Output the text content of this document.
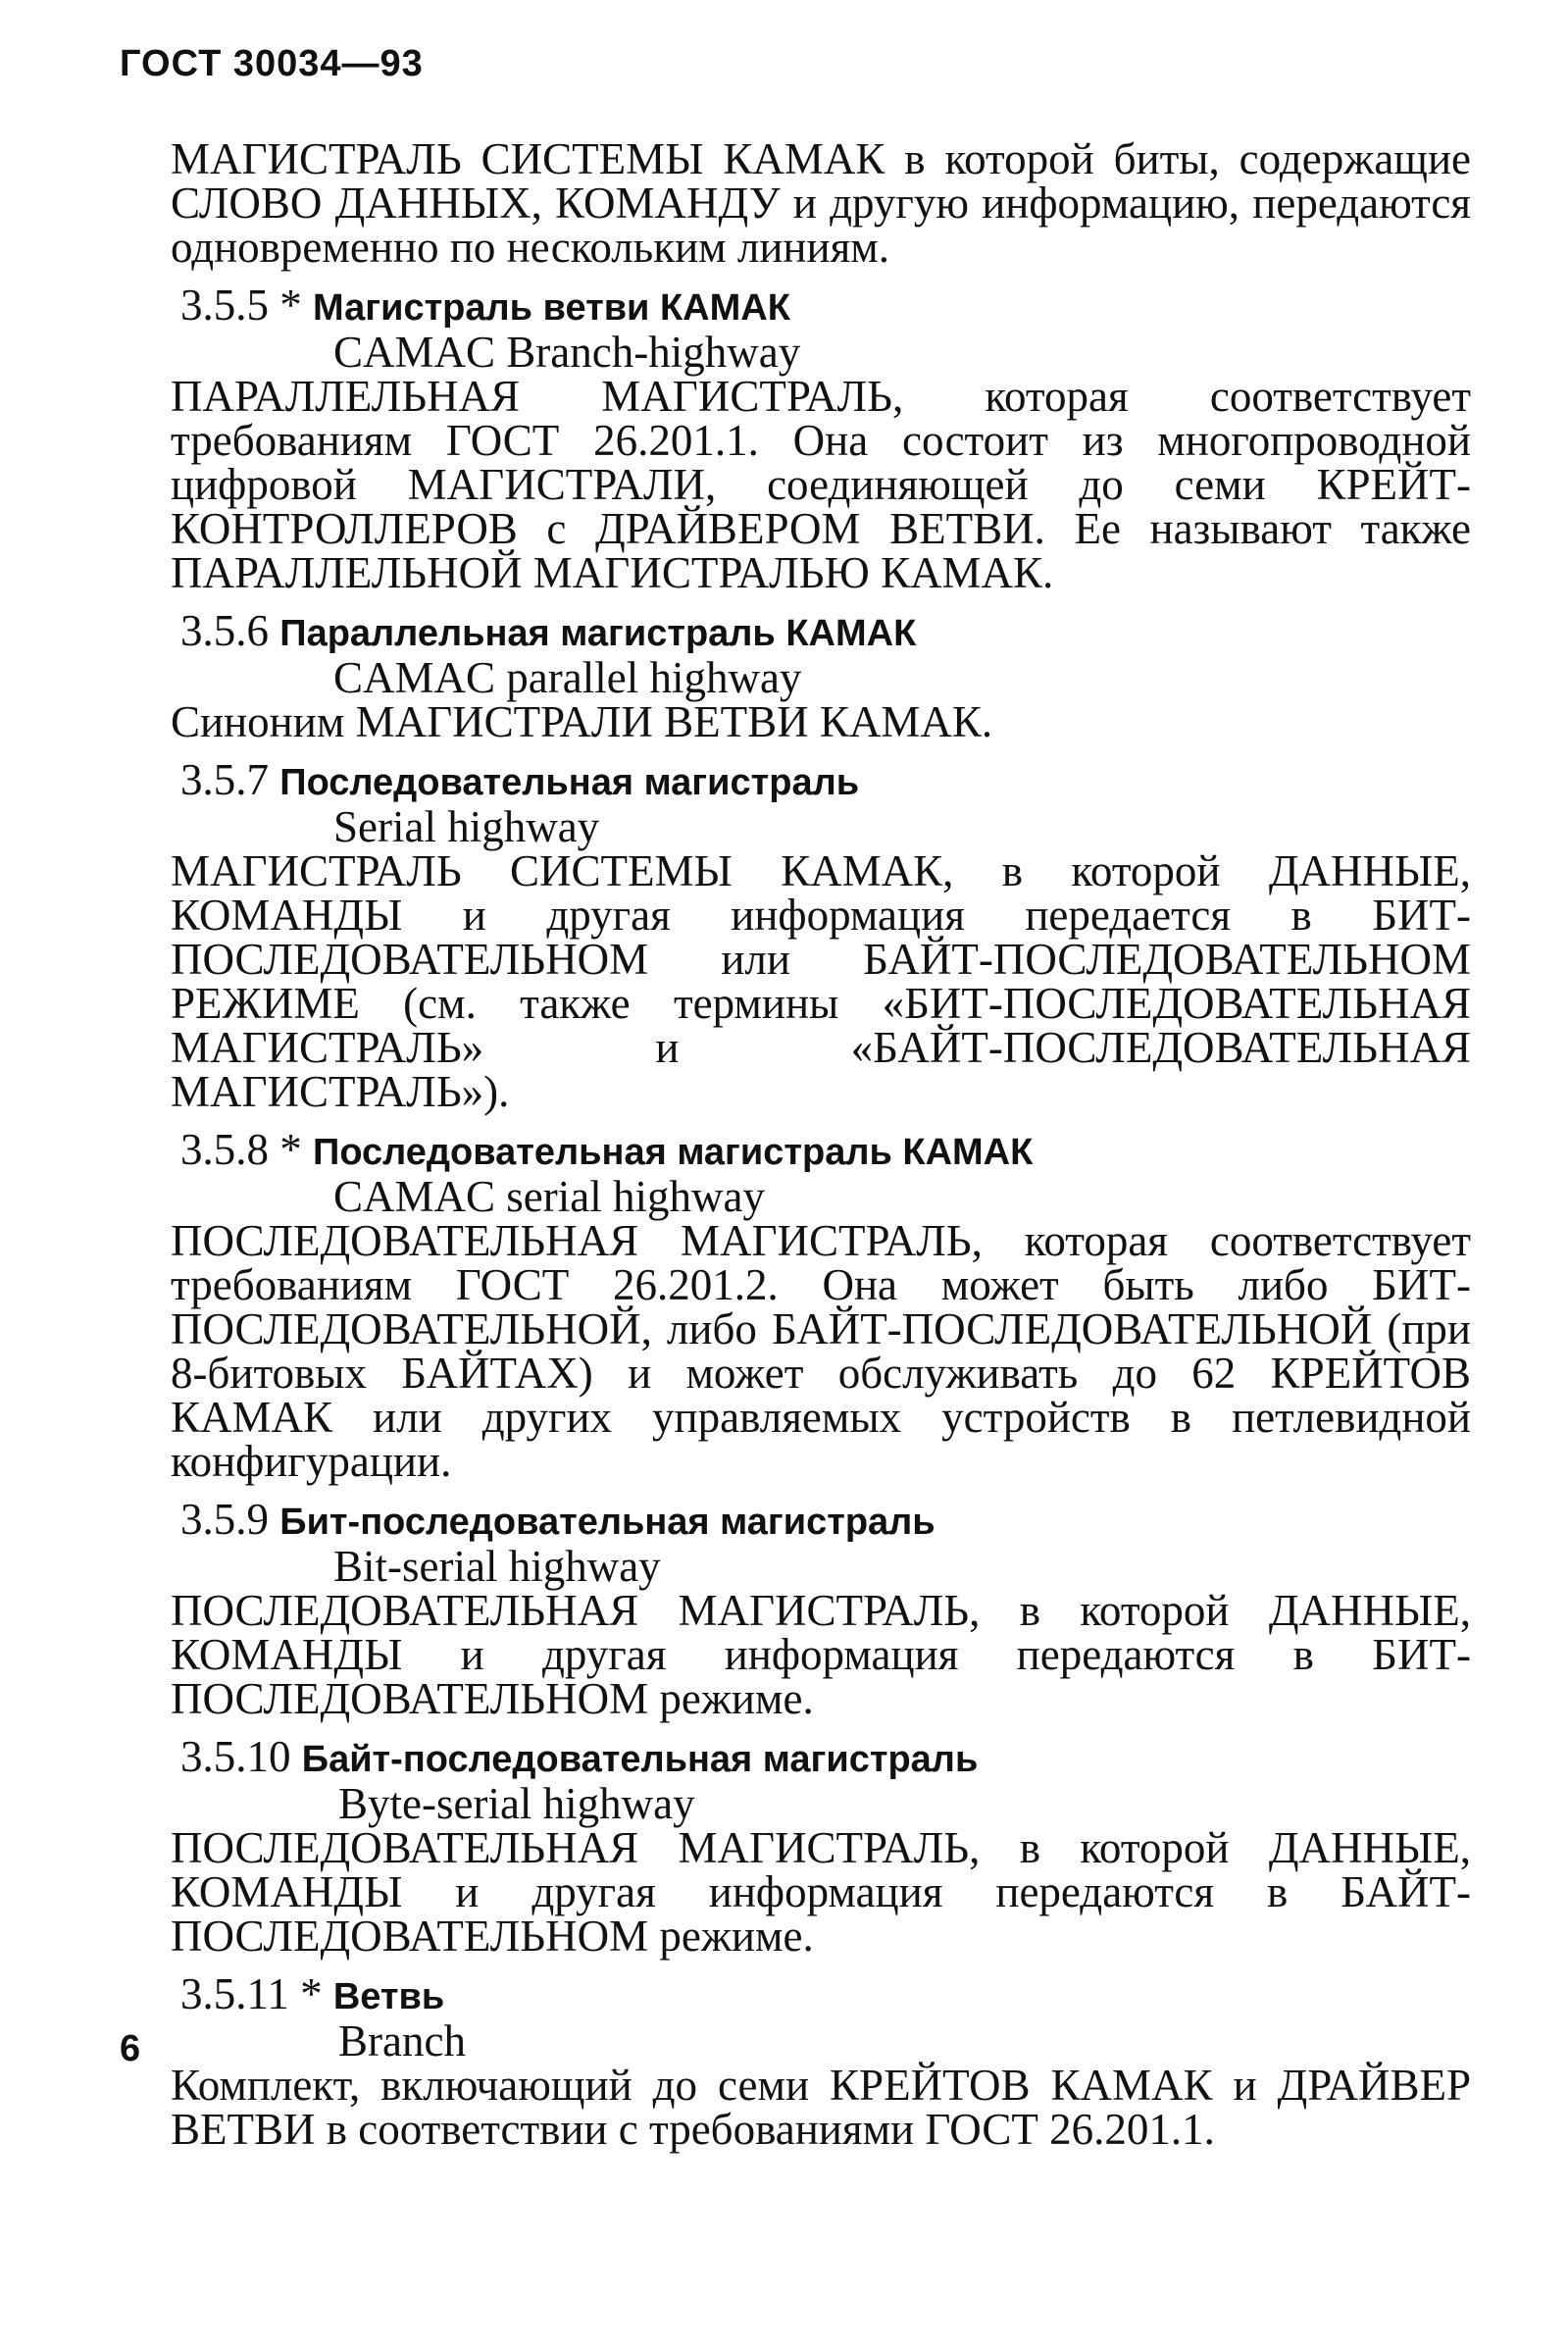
ГОСТ 30034—93

МАГИСТРАЛЬ СИСТЕМЫ КАМАК в которой биты, содержащие СЛОВО ДАННЫХ, КОМАНДУ и другую информацию, передаются одновременно по нескольким линиям.

3.5.5 * Магистраль ветви КАМАК
CAMAC Branch-highway

ПАРАЛЛЕЛЬНАЯ МАГИСТРАЛЬ, которая соответствует требованиям ГОСТ 26.201.1. Она состоит из многопроводной цифровой МАГИСТРАЛИ, соединяющей до семи КРЕЙТ-КОНТРОЛЛЕРОВ с ДРАЙВЕРОМ ВЕТВИ. Ее называют также ПАРАЛЛЕЛЬНОЙ МАГИСТРАЛЬЮ КАМАК.

3.5.6 Параллельная магистраль КАМАК
CAMAC parallel highway

Синоним МАГИСТРАЛИ ВЕТВИ КАМАК.

3.5.7 Последовательная магистраль
Serial highway

МАГИСТРАЛЬ СИСТЕМЫ КАМАК, в которой ДАННЫЕ, КОМАНДЫ и другая информация передается в БИТ-ПОСЛЕДОВАТЕЛЬНОМ или БАЙТ-ПОСЛЕДОВАТЕЛЬНОМ РЕЖИМЕ (см. также термины «БИТ-ПОСЛЕДОВАТЕЛЬНАЯ МАГИСТРАЛЬ» и «БАЙТ-ПОСЛЕДОВАТЕЛЬНАЯ МАГИСТРАЛЬ»).

3.5.8 * Последовательная магистраль КАМАК
CAMAC serial highway

ПОСЛЕДОВАТЕЛЬНАЯ МАГИСТРАЛЬ, которая соответствует требованиям ГОСТ 26.201.2. Она может быть либо БИТ-ПОСЛЕДОВАТЕЛЬНОЙ, либо БАЙТ-ПОСЛЕДОВАТЕЛЬНОЙ (при 8-битовых БАЙТАХ) и может обслуживать до 62 КРЕЙТОВ КАМАК или других управляемых устройств в петлевидной конфигурации.

3.5.9 Бит-последовательная магистраль
Bit-serial highway

ПОСЛЕДОВАТЕЛЬНАЯ МАГИСТРАЛЬ, в которой ДАННЫЕ, КОМАНДЫ и другая информация передаются в БИТ-ПОСЛЕДОВАТЕЛЬНОМ режиме.

3.5.10 Байт-последовательная магистраль
Byte-serial highway

ПОСЛЕДОВАТЕЛЬНАЯ МАГИСТРАЛЬ, в которой ДАННЫЕ, КОМАНДЫ и другая информация передаются в БАЙТ-ПОСЛЕДОВАТЕЛЬНОМ режиме.

3.5.11 * Ветвь
Branch

Комплект, включающий до семи КРЕЙТОВ КАМАК и ДРАЙВЕР ВЕТВИ в соответствии с требованиями ГОСТ 26.201.1.

6
